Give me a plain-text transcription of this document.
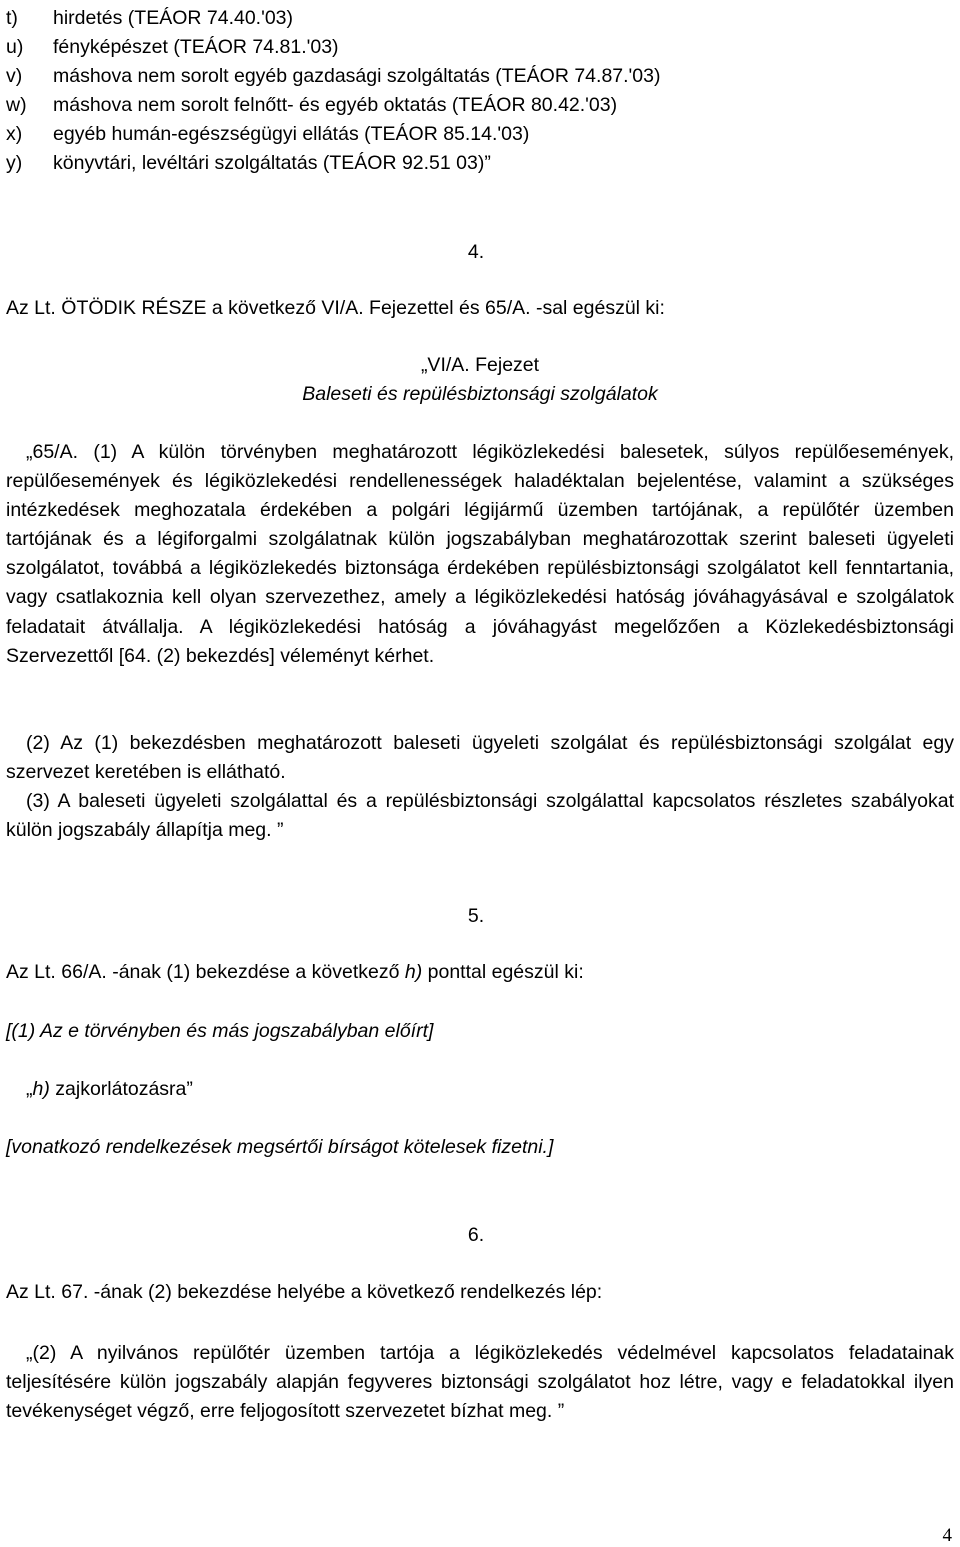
t) hirdetés (TEÁOR 74.40.'03)
u) fényképészet (TEÁOR 74.81.'03)
v) máshova nem sorolt egyéb gazdasági szolgáltatás (TEÁOR 74.87.'03)
w) máshova nem sorolt felnőtt- és egyéb oktatás (TEÁOR 80.42.'03)
x) egyéb humán-egészségügyi ellátás (TEÁOR 85.14.'03)
y) könyvtári, levéltári szolgáltatás (TEÁOR 92.51 03)”
4.
Az Lt. ÖTÖDIK RÉSZE a következő VI/A. Fejezettel és 65/A. -sal egészül ki:
„VI/A. Fejezet
Baleseti és repülésbiztonsági szolgálatok
„65/A. (1) A külön törvényben meghatározott légiközlekedési balesetek, súlyos repülőesemények, repülőesemények és légiközlekedési rendellenességek haladéktalan bejelentése, valamint a szükséges intézkedések meghozatala érdekében a polgári légijármű üzemben tartójának, a repülőtér üzemben tartójának és a légiforgalmi szolgálatnak külön jogszabályban meghatározottak szerint baleseti ügyeleti szolgálatot, továbbá a légiközlekedés biztonsága érdekében repülésbiztonsági szolgálatot kell fenntartania, vagy csatlakoznia kell olyan szervezethez, amely a légiközlekedési hatóság jóváhagyásával e szolgálatok feladatait átvállalja. A légiközlekedési hatóság a jóváhagyást megelőzően a Közlekedésbiztonsági Szervezettől [64. (2) bekezdés] véleményt kérhet.
(2) Az (1) bekezdésben meghatározott baleseti ügyeleti szolgálat és repülésbiztonsági szolgálat egy szervezet keretében is ellátható.
(3) A baleseti ügyeleti szolgálattal és a repülésbiztonsági szolgálattal kapcsolatos részletes szabályokat külön jogszabály állapítja meg. ”
5.
Az Lt. 66/A. -ának (1) bekezdése a következő h) ponttal egészül ki:
[(1) Az e törvényben és más jogszabályban előírt]
„h) zajkorlátozásra”
[vonatkozó rendelkezések megsértői bírságot kötelesek fizetni.]
6.
Az Lt. 67. -ának (2) bekezdése helyébe a következő rendelkezés lép:
„(2) A nyilvános repülőtér üzemben tartója a légiközlekedés védelmével kapcsolatos feladatainak teljesítésére külön jogszabály alapján fegyveres biztonsági szolgálatot hoz létre, vagy e feladatokkal ilyen tevékenységet végző, erre feljogosított szervezetet bízhat meg. ”
4
